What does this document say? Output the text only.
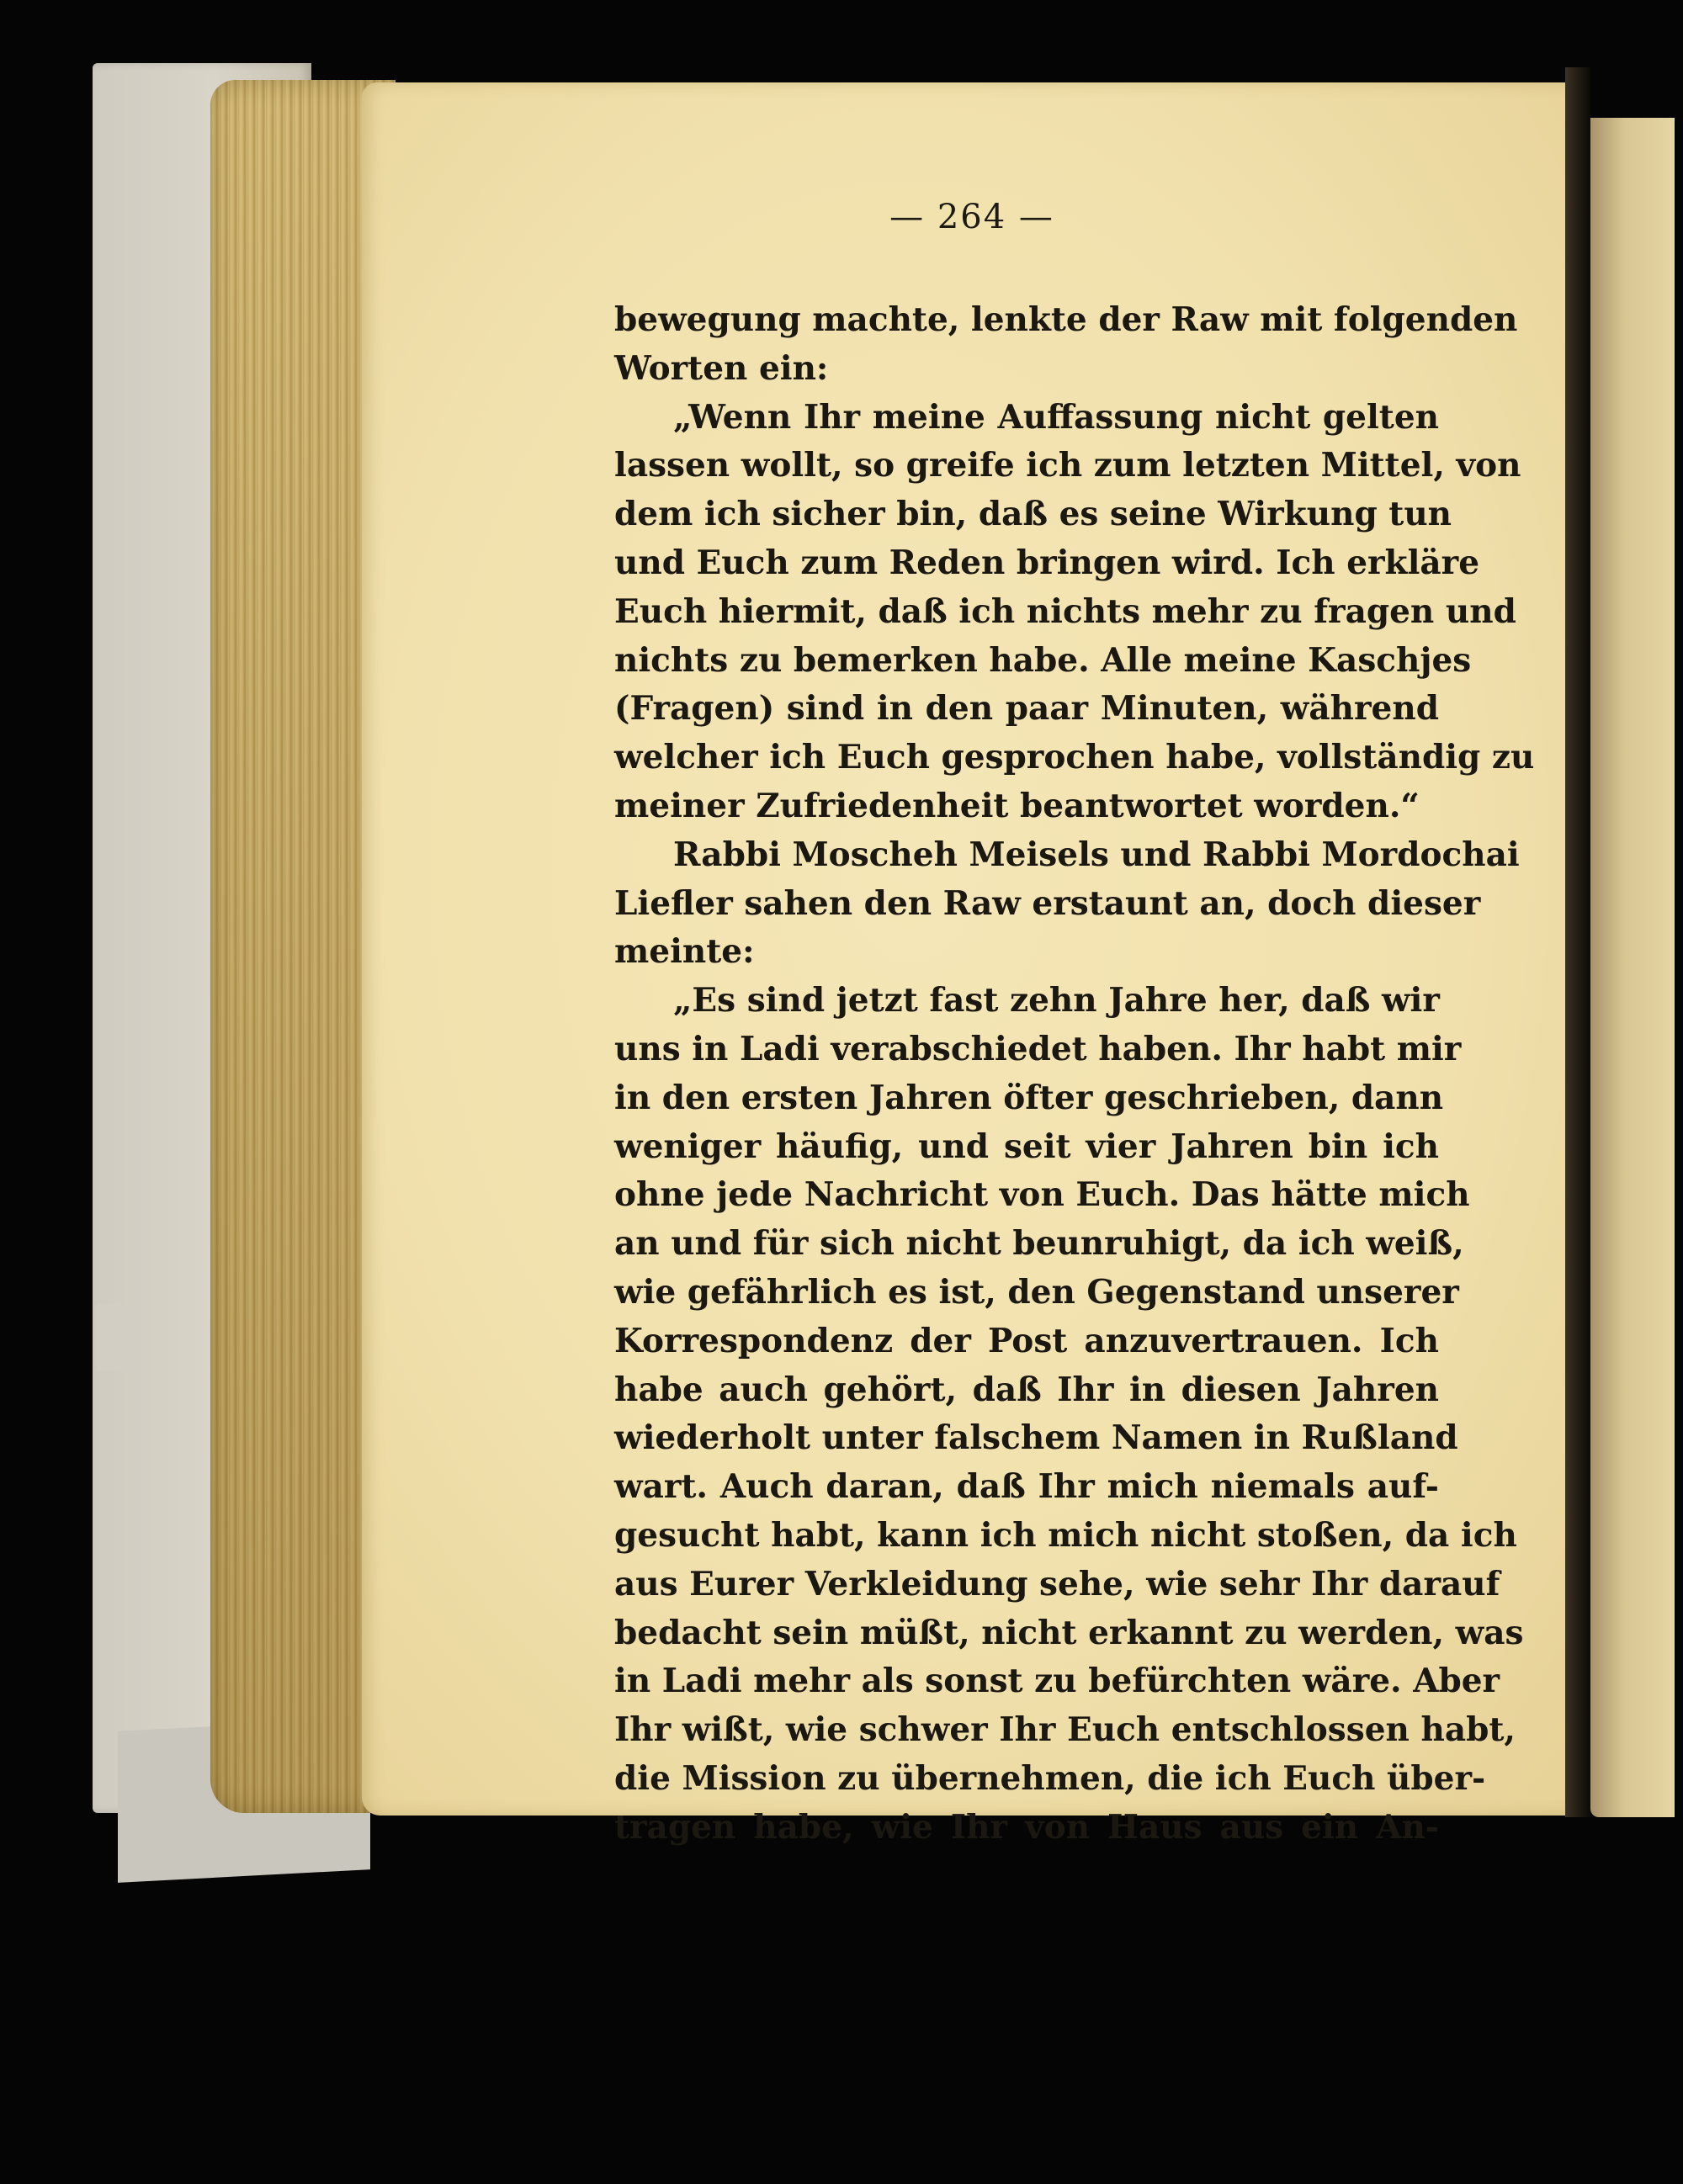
— 264 —
bewegung machte, lenkte der Raw mit folgenden
Worten ein:
„Wenn Ihr meine Auffassung nicht gelten
lassen wollt, so greife ich zum letzten Mittel, von
dem ich sicher bin, daß es seine Wirkung tun
und Euch zum Reden bringen wird. Ich erkläre
Euch hiermit, daß ich nichts mehr zu fragen und
nichts zu bemerken habe. Alle meine Kaschjes
(Fragen) sind in den paar Minuten, während
welcher ich Euch gesprochen habe, vollständig zu
meiner Zufriedenheit beantwortet worden.“
Rabbi Moscheh Meisels und Rabbi Mordochai
Liefler sahen den Raw erstaunt an, doch dieser
meinte:
„Es sind jetzt fast zehn Jahre her, daß wir
uns in Ladi verabschiedet haben. Ihr habt mir
in den ersten Jahren öfter geschrieben, dann
weniger häufig, und seit vier Jahren bin ich
ohne jede Nachricht von Euch. Das hätte mich
an und für sich nicht beunruhigt, da ich weiß,
wie gefährlich es ist, den Gegenstand unserer
Korrespondenz der Post anzuvertrauen. Ich
habe auch gehört, daß Ihr in diesen Jahren
wiederholt unter falschem Namen in Rußland
wart. Auch daran, daß Ihr mich niemals auf-
gesucht habt, kann ich mich nicht stoßen, da ich
aus Eurer Verkleidung sehe, wie sehr Ihr darauf
bedacht sein müßt, nicht erkannt zu werden, was
in Ladi mehr als sonst zu befürchten wäre. Aber
Ihr wißt, wie schwer Ihr Euch entschlossen habt,
die Mission zu übernehmen, die ich Euch über-
tragen habe, wie Ihr von Haus aus ein An-
